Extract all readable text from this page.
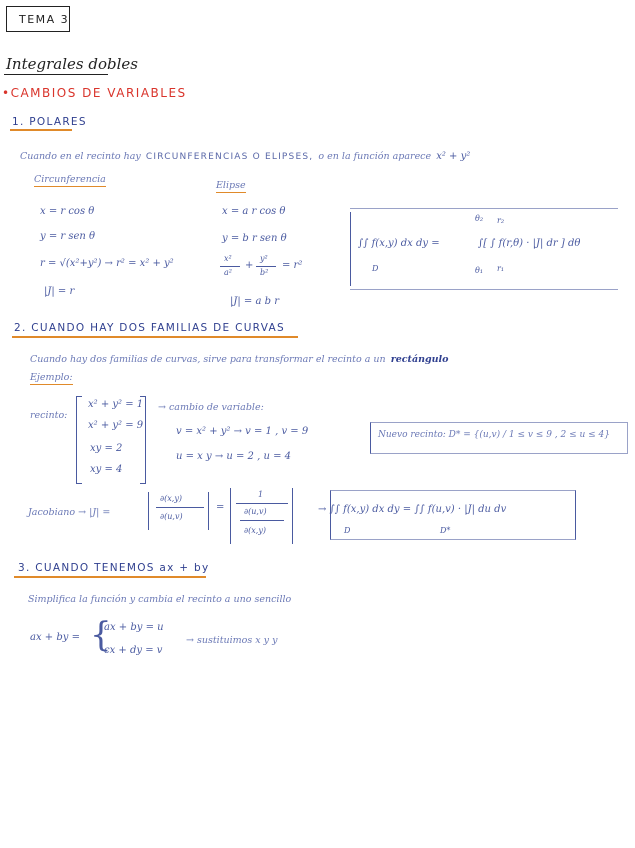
TEMA 3
Integrales dobles
•CAMBIOS DE VARIABLES
1. POLARES
Cuando en el recinto hay CIRCUNFERENCIAS O ELIPSES, o en la función aparece x² + y²
Circunferencia
x = r cos θ
y = r sen θ
r = √(x²+y²) → r² = x² + y²
|J| = r
Elipse
x = a r cos θ
y = b r sen θ
x²
a²
+
y²
b²
= r²
|J| = a b r
∫∫ f(x,y) dx dy =
D
θ₂
θ₁
r₂
r₁
∫[ ∫ f(r,θ) · |J| dr ] dθ
2. CUANDO HAY DOS FAMILIAS DE CURVAS
Cuando hay dos familias de curvas, sirve para transformar el recinto a un rectángulo
Ejemplo:
recinto:
x² + y² = 1
x² + y² = 9
xy = 2
xy = 4
→ cambio de variable:
v = x² + y² → v = 1 , v = 9
u = x y → u = 2 , u = 4
Nuevo recinto: D* = {(u,v) / 1 ≤ v ≤ 9 , 2 ≤ u ≤ 4}
Jacobiano → |J| =
∂(x,y)
∂(u,v)
=
1
∂(u,v)
∂(x,y)
→ ∫∫ f(x,y) dx dy = ∫∫ f(u,v) · |J| du dv
D	D*
3. CUANDO TENEMOS ax + by
Simplifica la función y cambia el recinto a uno sencillo
ax + by = {
ax + by = u
cx + dy = v
→ sustituimos x y y
